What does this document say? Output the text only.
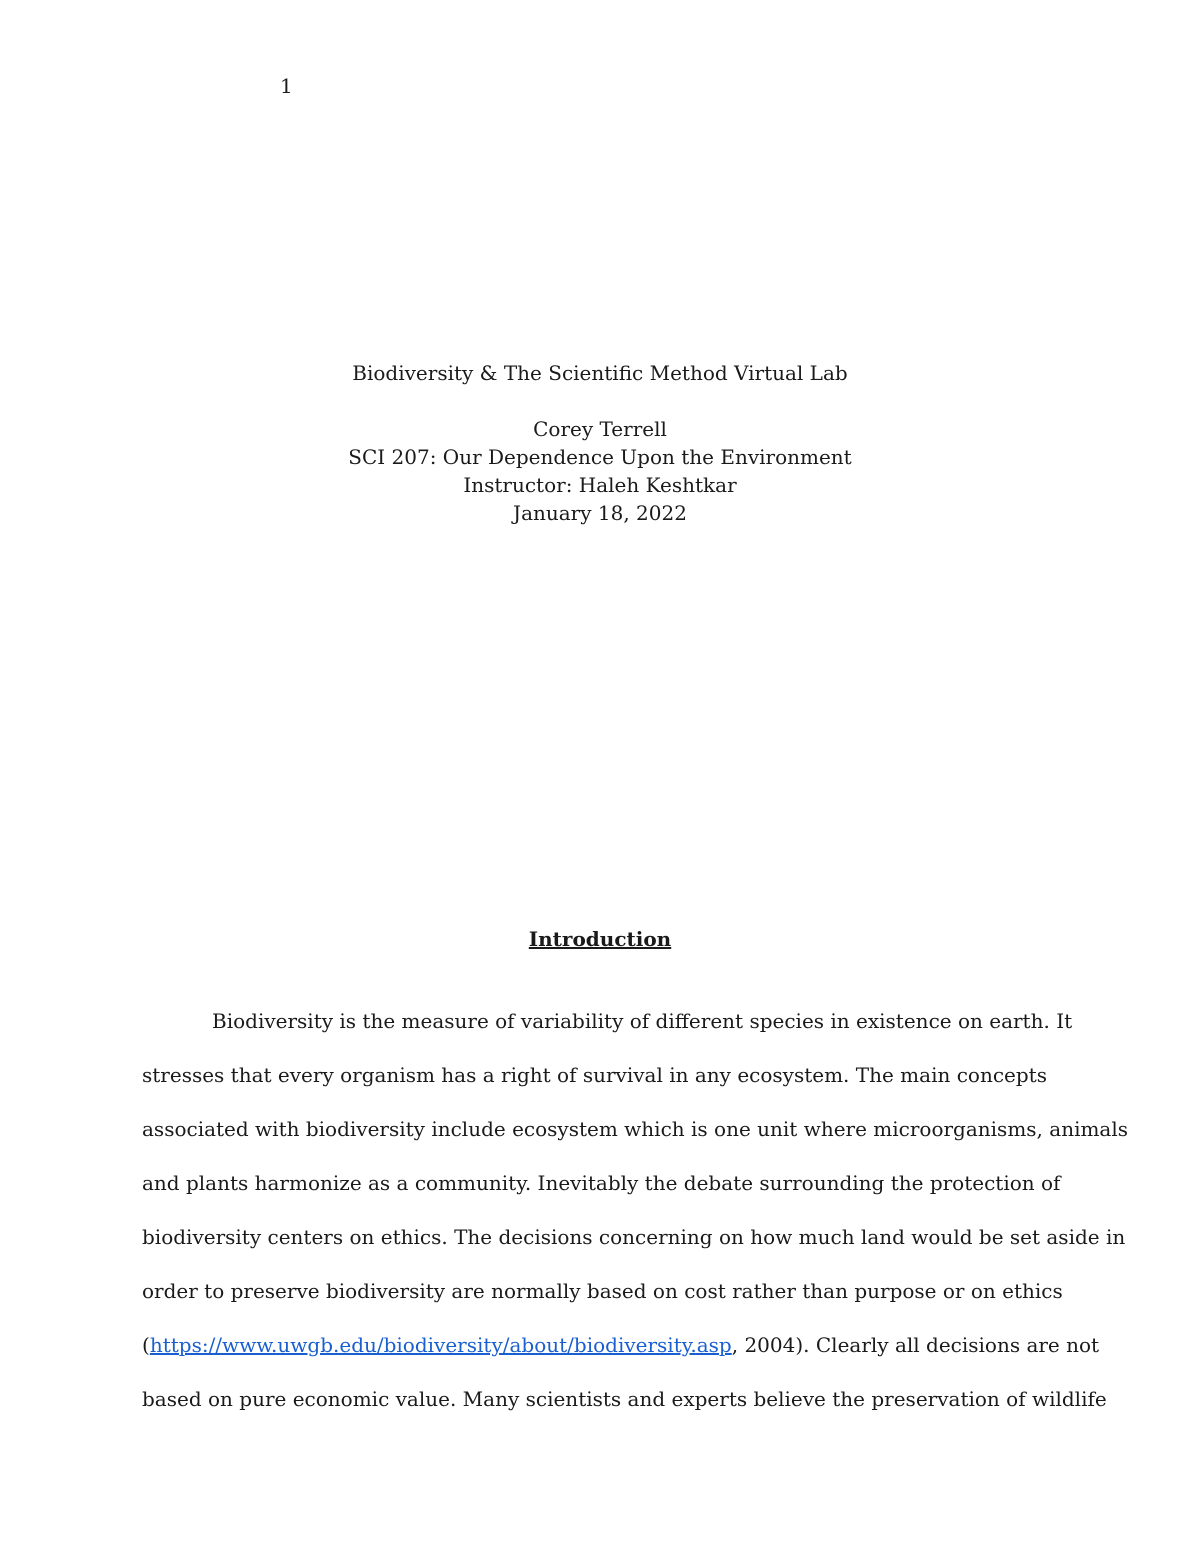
1
Biodiversity & The Scientific Method Virtual Lab
Corey Terrell
SCI 207: Our Dependence Upon the Environment
Instructor: Haleh Keshtkar
January 18, 2022
Introduction
Biodiversity is the measure of variability of different species in existence on earth. It
stresses that every organism has a right of survival in any ecosystem. The main concepts
associated with biodiversity include ecosystem which is one unit where microorganisms, animals
and plants harmonize as a community. Inevitably the debate surrounding the protection of
biodiversity centers on ethics. The decisions concerning on how much land would be set aside in
order to preserve biodiversity are normally based on cost rather than purpose or on ethics
(https://www.uwgb.edu/biodiversity/about/biodiversity.asp, 2004). Clearly all decisions are not
based on pure economic value. Many scientists and experts believe the preservation of wildlife
